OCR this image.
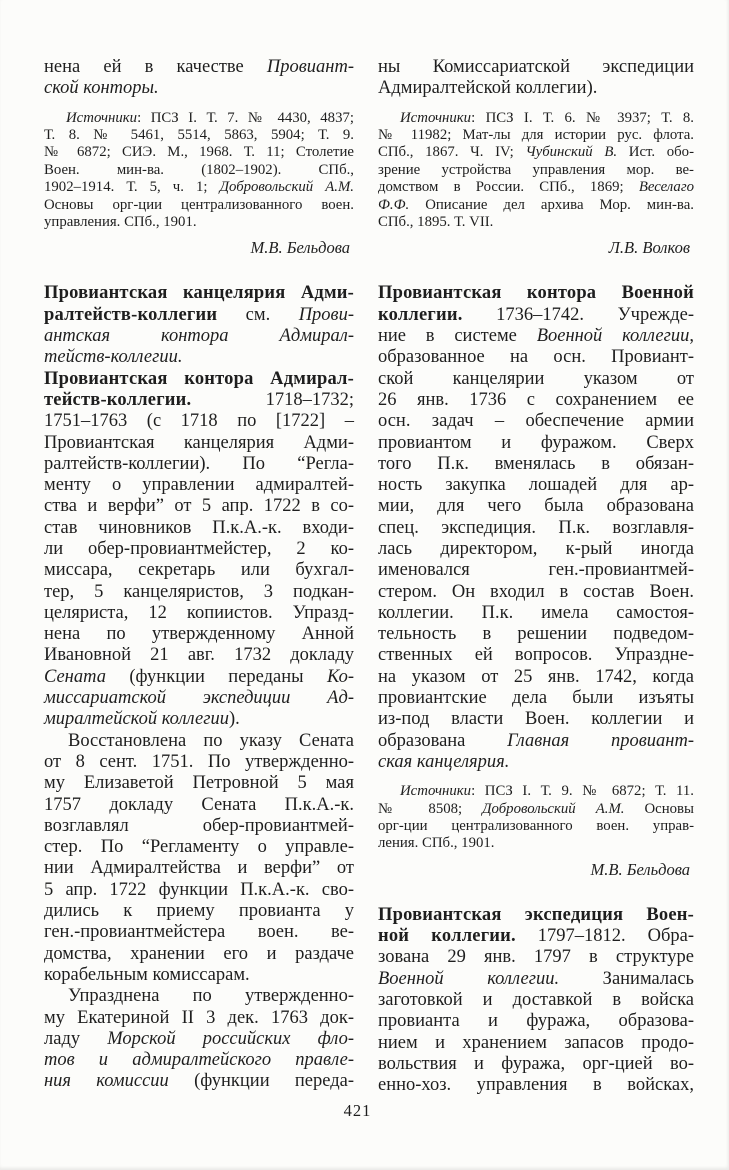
нена ей в качестве Провиант-
ской конторы.
Источники: ПСЗ I. Т. 7. № 4430, 4837;
Т. 8. № 5461, 5514, 5863, 5904; Т. 9.
№ 6872; СИЭ. М., 1968. Т. 11; Столетие
Воен. мин-ва. (1802–1902). СПб.,
1902–1914. Т. 5, ч. 1; Добровольский А.М.
Основы орг-ции централизованного воен.
управления. СПб., 1901.
М.В. Бельдова
Провиантская канцелярия Адми-
ралтейств-коллегии см. Прови-
антская контора Адмирал-
тейств-коллегии.
Провиантская контора Адмирал-
тейств-коллегии. 1718–1732;
1751–1763 (с 1718 по [1722] –
Провиантская канцелярия Адми-
ралтейств-коллегии). По “Регла-
менту о управлении адмиралтей-
ства и верфи” от 5 апр. 1722 в со-
став чиновников П.к.А.-к. входи-
ли обер-провиантмейстер, 2 ко-
миссара, секретарь или бухгал-
тер, 5 канцеляристов, 3 подкан-
целяриста, 12 копиистов. Упразд-
нена по утвержденному Анной
Ивановной 21 авг. 1732 докладу
Сената (функции переданы Ко-
миссариатской экспедиции Ад-
миралтейской коллегии).
Восстановлена по указу Сената
от 8 сент. 1751. По утвержденно-
му Елизаветой Петровной 5 мая
1757 докладу Сената П.к.А.-к.
возглавлял обер-провиантмей-
стер. По “Регламенту о управле-
нии Адмиралтейства и верфи” от
5 апр. 1722 функции П.к.А.-к. сво-
дились к приему провианта у
ген.-провиантмейстера воен. ве-
домства, хранении его и раздаче
корабельным комиссарам.
Упразднена по утвержденно-
му Екатериной II 3 дек. 1763 док-
ладу Морской российских фло-
тов и адмиралтейского правле-
ния комиссии (функции переда-
ны Комиссариатской экспедиции
Адмиралтейской коллегии).
Источники: ПСЗ I. Т. 6. № 3937; Т. 8.
№ 11982; Мат-лы для истории рус. флота.
СПб., 1867. Ч. IV; Чубинский В. Ист. обо-
зрение устройства управления мор. ве-
домством в России. СПб., 1869; Веселаго
Ф.Ф. Описание дел архива Мор. мин-ва.
СПб., 1895. Т. VII.
Л.В. Волков
Провиантская контора Военной
коллегии. 1736–1742. Учрежде-
ние в системе Военной коллегии,
образованное на осн. Провиант-
ской канцелярии указом от
26 янв. 1736 с сохранением ее
осн. задач – обеспечение армии
провиантом и фуражом. Сверх
того П.к. вменялась в обязан-
ность закупка лошадей для ар-
мии, для чего была образована
спец. экспедиция. П.к. возглавля-
лась директором, к-рый иногда
именовался ген.-провиантмей-
стером. Он входил в состав Воен.
коллегии. П.к. имела самостоя-
тельность в решении подведом-
ственных ей вопросов. Упраздне-
на указом от 25 янв. 1742, когда
провиантские дела были изъяты
из-под власти Воен. коллегии и
образована Главная провиант-
ская канцелярия.
Источники: ПСЗ I. Т. 9. № 6872; Т. 11.
№ 8508; Добровольский А.М. Основы
орг-ции централизованного воен. управ-
ления. СПб., 1901.
М.В. Бельдова
Провиантская экспедиция Воен-
ной коллегии. 1797–1812. Обра-
зована 29 янв. 1797 в структуре
Военной коллегии. Занималась
заготовкой и доставкой в войска
провианта и фуража, образова-
нием и хранением запасов продо-
вольствия и фуража, орг-цией во-
енно-хоз. управления в войсках,
421
